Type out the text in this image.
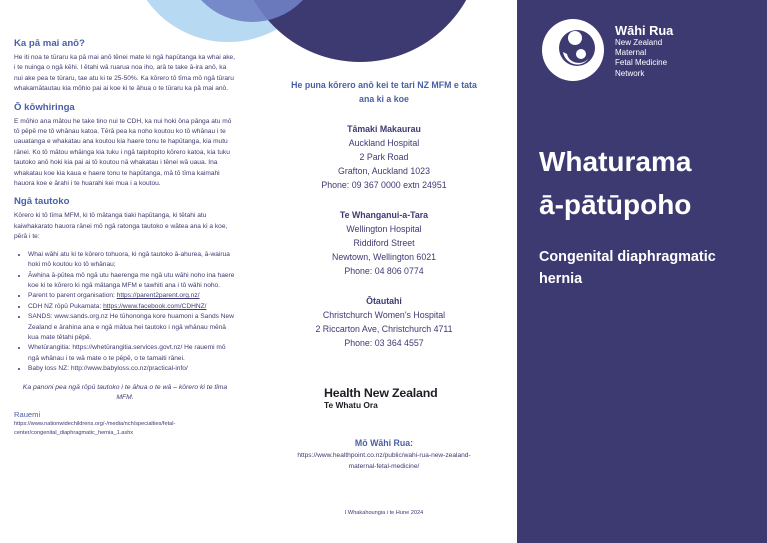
Ka pā mai anō?

He iti noa te tūraru ka pā mai anō tēnei mate ki ngā hapūtanga ka whai ake, i te nuinga o ngā kēhi. I ētahi wā ruarua noa iho, arā te take ā-ira anō, ka nui ake pea te tūraru, tae atu ki te 25-50%. Ka kōrero tō tīma mō ngā tūraru whakamātautau kia mōhio pai ai koe ki te āhua o te tūraru ka pā mai anō.

Ō kōwhiringa

E mōhio ana mātou he take tino nui te CDH, ka nui hoki ōna pānga atu mō tō pēpē me tō whānau katoa. Tērā pea ka noho koutou ko tō whānau i te uauatanga e whakatau ana koutou kia haere tonu te hapūtanga, kia mutu rānei. Ko tō mātou whāinga kia tuku i ngā taipitopito kōrero katoa, kia tuku tautoko anō hoki kia pai ai tō koutou nā whakatau i tēnei wā uaua. Ina whakatau koe kia kaua e haere tonu te hapūtanga, mā tō tīma kaimahi hauora koe e ārahi i te huarahi kei mua i a koutou.

Ngā tautoko

Kōrero ki tō tīma MFM, ki tō mātanga tiaki hapūtanga, ki tētahi atu kaiwhakarato hauora rānei mō ngā ratonga tautoko e wātea ana ki a koe, pērā i te:

• Whai wāhi atu ki te kōrero tohuora, ki ngā tautoko ā-ahurea, ā-wairua hoki mō koutou ko tō whānau;
• Āwhina ā-pūtea mō ngā utu haerenga me ngā utu wāhi noho ina haere koe ki te kōrero ki ngā mātanga MFM e tawhiti ana i tō wāhi noho.
• Parent to parent organisation: https://parent2parent.org.nz/
• CDH NZ rōpū Pukamata: https://www.facebook.com/CDHNZ/
• SANDS: www.sands.org.nz He tūhononga kore huamoni a Sands New Zealand e ārahina ana e ngā mātua hei tautoko i ngā whānau mēnā kua mate tētahi pēpē.
• Whetūrangitia: https://whetūrangitia.services.govt.nz/ He rauemi mō ngā whānau i te wā mate o te pēpē, o te tamaiti rānei.
• Baby loss NZ: http://www.babyloss.co.nz/practical-info/

Ka panoni pea ngā rōpū tautoko i te āhua o te wā – kōrero ki te tīma MFM.

Rauemi

https://www.nationwidechildrens.org/-/media/nch/specialties/fetal-center/congenital_diaphragmatic_hernia_1.ashx

He puna kōrero anō kei te tari NZ MFM e tata ana ki a koe

Tāmaki Makaurau
Auckland Hospital
2 Park Road
Grafton, Auckland 1023
Phone: 09 367 0000 extn 24951
Te Whanganui-a-Tara
Wellington Hospital
Riddiford Street
Newtown, Wellington 6021
Phone: 04 806 0774
Ōtautahi
Christchurch Women's Hospital
2 Riccarton Ave, Christchurch 4711
Phone: 03 364 4557
Health New Zealand
Te Whatu Ora
Mō Wāhi Rua:
https://www.healthpoint.co.nz/public/wahi-rua-new-zealand-maternal-fetal-medicine/
I Whakahoungia i te Hune 2024
Wāhi Rua
New Zealand
Maternal
Fetal Medicine
Network
Whaturama
ā-pātūpoho
Congenital diaphragmatic hernia
